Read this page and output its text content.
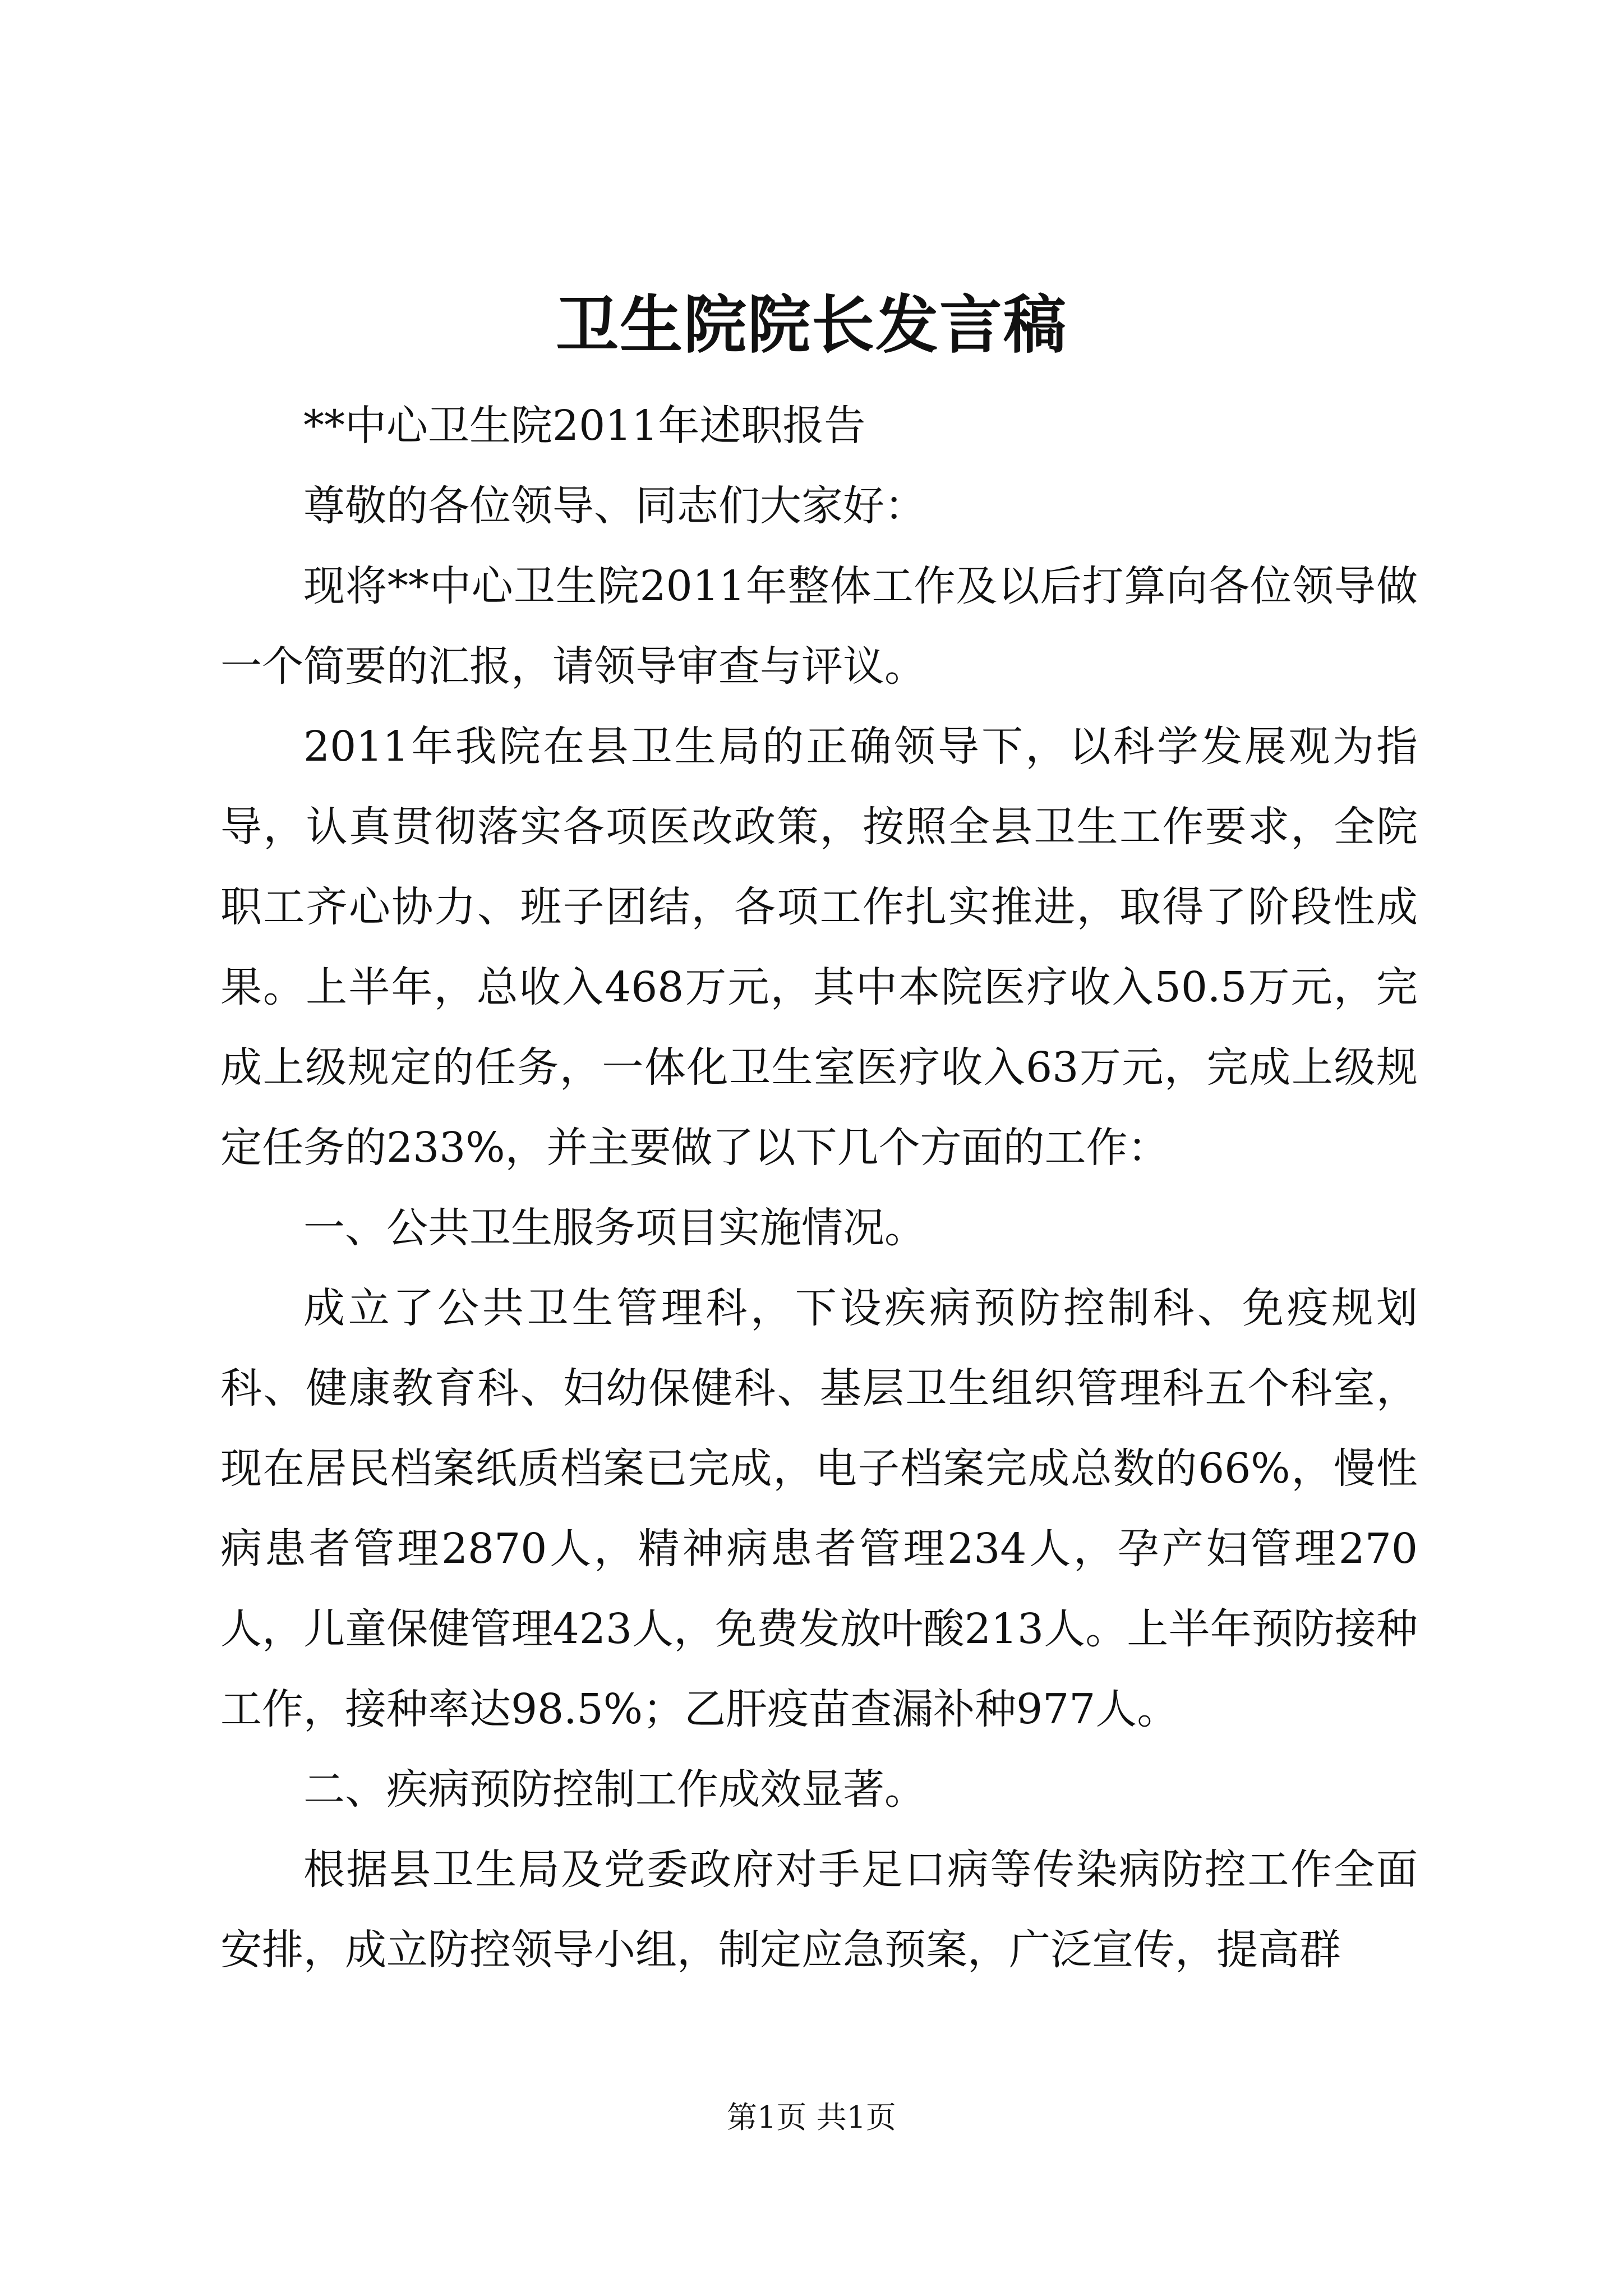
卫生院院长发言稿

**中心卫生院2011年述职报告

尊敬的各位领导、同志们大家好：

现将**中心卫生院2011年整体工作及以后打算向各位领导做一个简要的汇报，请领导审查与评议。

2011年我院在县卫生局的正确领导下，以科学发展观为指导，认真贯彻落实各项医改政策，按照全县卫生工作要求，全院职工齐心协力、班子团结，各项工作扎实推进，取得了阶段性成果。上半年，总收入468万元，其中本院医疗收入50.5万元，完成上级规定的任务，一体化卫生室医疗收入63万元，完成上级规定任务的233%，并主要做了以下几个方面的工作：

一、公共卫生服务项目实施情况。

成立了公共卫生管理科，下设疾病预防控制科、免疫规划科、健康教育科、妇幼保健科、基层卫生组织管理科五个科室，现在居民档案纸质档案已完成，电子档案完成总数的66%，慢性病患者管理2870人，精神病患者管理234人，孕产妇管理270人，儿童保健管理423人，免费发放叶酸213人。上半年预防接种工作，接种率达98.5%；乙肝疫苗查漏补种977人。

二、疾病预防控制工作成效显著。

根据县卫生局及党委政府对手足口病等传染病防控工作全面安排，成立防控领导小组，制定应急预案，广泛宣传，提高群

第1页 共1页
